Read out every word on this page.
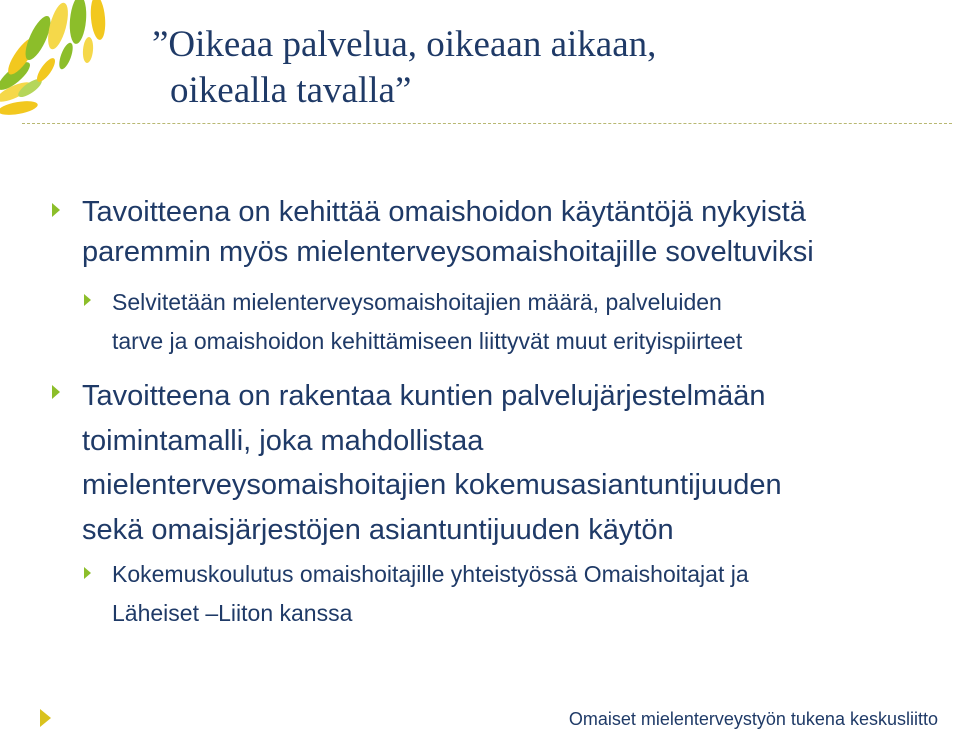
”Oikeaa palvelua, oikeaan aikaan,
oikealla tavalla”
Tavoitteena on kehittää omaishoidon käytäntöjä nykyistä
paremmin myös mielenterveysomaishoitajille soveltuviksi
Selvitetään mielenterveysomaishoitajien määrä, palveluiden
tarve ja omaishoidon kehittämiseen liittyvät muut erityispiirteet
Tavoitteena on rakentaa kuntien palvelujärjestelmään
toimintamalli, joka mahdollistaa
mielenterveysomaishoitajien kokemusasiantuntijuuden
sekä omaisjärjestöjen asiantuntijuuden käytön
Kokemuskoulutus omaishoitajille yhteistyössä Omaishoitajat ja
Läheiset –Liiton kanssa
Omaiset mielenterveystyön tukena keskusliitto
